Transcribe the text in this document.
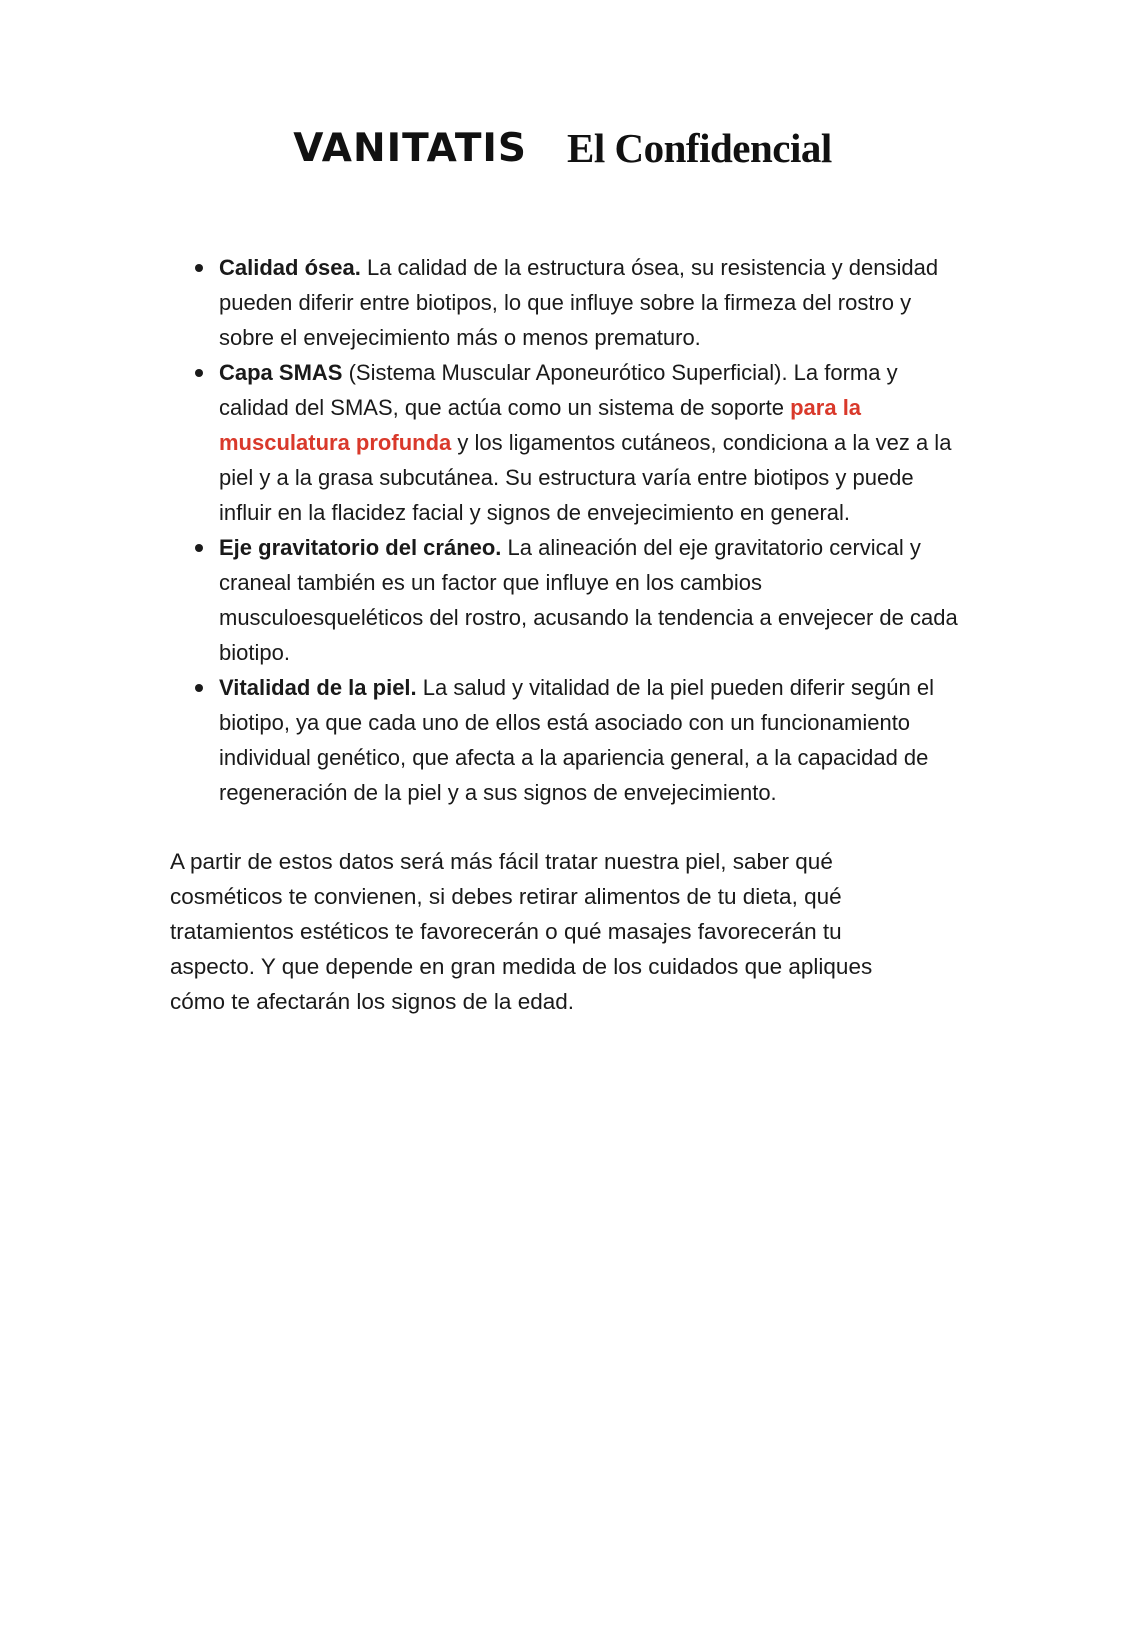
VANITATIS El Confidencial
Calidad ósea. La calidad de la estructura ósea, su resistencia y densidad pueden diferir entre biotipos, lo que influye sobre la firmeza del rostro y sobre el envejecimiento más o menos prematuro.
Capa SMAS (Sistema Muscular Aponeurótico Superficial). La forma y calidad del SMAS, que actúa como un sistema de soporte para la musculatura profunda y los ligamentos cutáneos, condiciona a la vez a la piel y a la grasa subcutánea. Su estructura varía entre biotipos y puede influir en la flacidez facial y signos de envejecimiento en general.
Eje gravitatorio del cráneo. La alineación del eje gravitatorio cervical y craneal también es un factor que influye en los cambios musculoesqueléticos del rostro, acusando la tendencia a envejecer de cada biotipo.
Vitalidad de la piel. La salud y vitalidad de la piel pueden diferir según el biotipo, ya que cada uno de ellos está asociado con un funcionamiento individual genético, que afecta a la apariencia general, a la capacidad de regeneración de la piel y a sus signos de envejecimiento.

A partir de estos datos será más fácil tratar nuestra piel, saber qué cosméticos te convienen, si debes retirar alimentos de tu dieta, qué tratamientos estéticos te favorecerán o qué masajes favorecerán tu aspecto. Y que depende en gran medida de los cuidados que apliques cómo te afectarán los signos de la edad.
